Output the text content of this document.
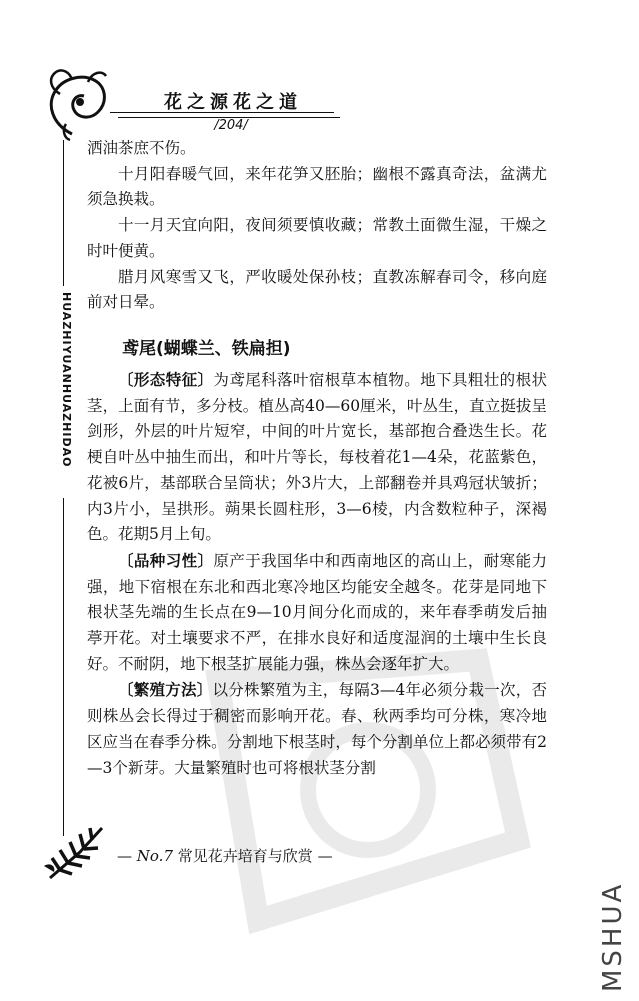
花之源花之道
/204/
HUAZHIYUANHUAZHIDAO

洒油茶庶不伤。

十月阳春暖气回，来年花笋又胚胎；幽根不露真奇法，盆满尤须急换栽。

十一月天宜向阳，夜间须要慎收藏；常教土面微生湿，干燥之时叶便黄。

腊月风寒雪又飞，严收暖处保孙枝；直教冻解春司令，移向庭前对日晕。

鸢尾(蝴蝶兰、铁扁担)

〔形态特征〕为鸢尾科落叶宿根草本植物。地下具粗壮的根状茎，上面有节，多分枝。植丛高40—60厘米，叶丛生，直立挺拔呈剑形，外层的叶片短窄，中间的叶片宽长，基部抱合叠迭生长。花梗自叶丛中抽生而出，和叶片等长，每枝着花1—4朵，花蓝紫色，花被6片，基部联合呈筒状；外3片大，上部翻卷并具鸡冠状皱折；内3片小，呈拱形。蒴果长圆柱形，3—6棱，内含数粒种子，深褐色。花期5月上旬。

〔品种习性〕原产于我国华中和西南地区的高山上，耐寒能力强，地下宿根在东北和西北寒冷地区均能安全越冬。花芽是同地下根状茎先端的生长点在9—10月间分化而成的，来年春季萌发后抽葶开花。对土壤要求不严，在排水良好和适度湿润的土壤中生长良好。不耐阴，地下根茎扩展能力强，株丛会逐年扩大。

〔繁殖方法〕以分株繁殖为主，每隔3—4年必须分栽一次，否则株丛会长得过于稠密而影响开花。春、秋两季均可分株，寒冷地区应当在春季分株。分割地下根茎时，每个分割单位上都必须带有2—3个新芽。大量繁殖时也可将根状茎分割

— No.7 常见花卉培育与欣赏 —
MSHUA
